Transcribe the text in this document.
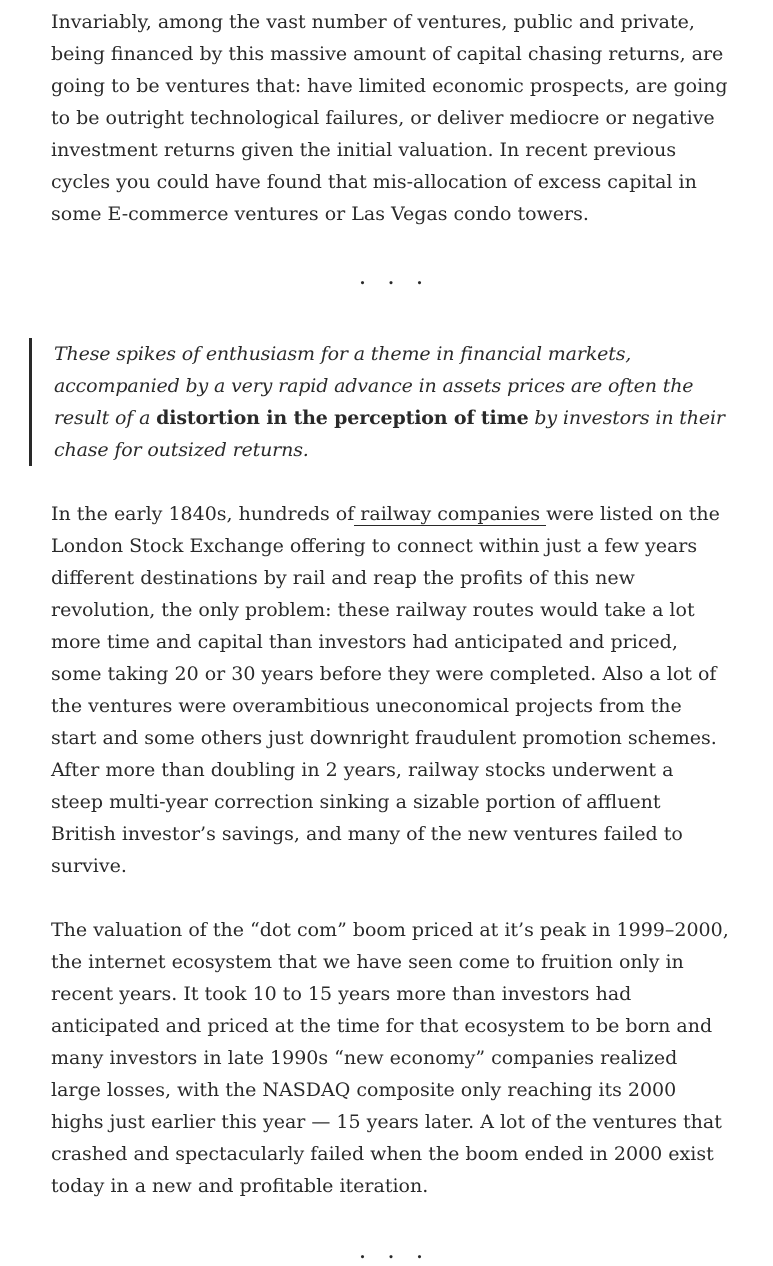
Invariably, among the vast number of ventures, public and private, being financed by this massive amount of capital chasing returns, are going to be ventures that: have limited economic prospects, are going to be outright technological failures, or deliver mediocre or negative investment returns given the initial valuation. In recent previous cycles you could have found that mis-allocation of excess capital in some E-commerce ventures or Las Vegas condo towers.

...
These spikes of enthusiasm for a theme in financial markets, accompanied by a very rapid advance in assets prices are often the result of a distortion in the perception of time by investors in their chase for outsized returns.

In the early 1840s, hundreds of railway companies were listed on the London Stock Exchange offering to connect within just a few years different destinations by rail and reap the profits of this new revolution, the only problem: these railway routes would take a lot more time and capital than investors had anticipated and priced, some taking 20 or 30 years before they were completed. Also a lot of the ventures were overambitious uneconomical projects from the start and some others just downright fraudulent promotion schemes. After more than doubling in 2 years, railway stocks underwent a steep multi-year correction sinking a sizable portion of affluent British investor’s savings, and many of the new ventures failed to survive.

The valuation of the “dot com” boom priced at it’s peak in 1999–2000, the internet ecosystem that we have seen come to fruition only in recent years. It took 10 to 15 years more than investors had anticipated and priced at the time for that ecosystem to be born and many investors in late 1990s “new economy” companies realized large losses, with the NASDAQ composite only reaching its 2000 highs just earlier this year — 15 years later. A lot of the ventures that crashed and spectacularly failed when the boom ended in 2000 exist today in a new and profitable iteration.

...
